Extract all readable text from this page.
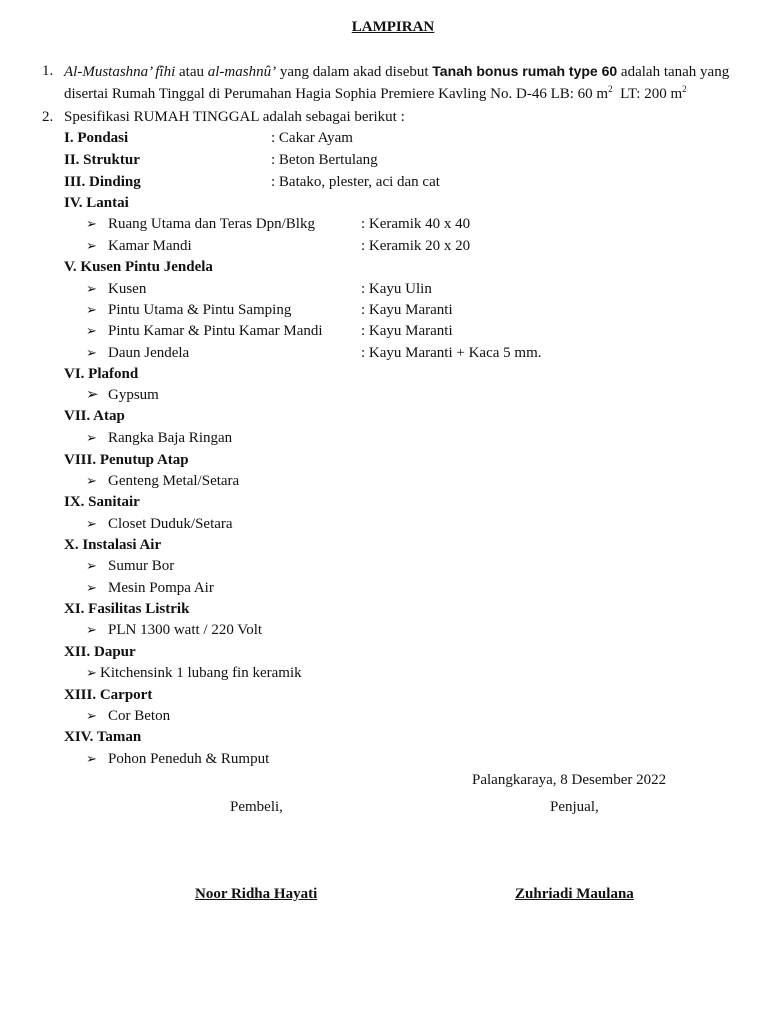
LAMPIRAN
1. Al-Mustashna’ fîhi atau al-mashnû’ yang dalam akad disebut Tanah bonus rumah type 60 adalah tanah yang
disertai Rumah Tinggal di Perumahan Hagia Sophia Premiere Kavling No. D-46 LB: 60 $m^2$ LT: 200 $m^2$
2. Spesifikasi RUMAH TINGGAL adalah sebagai berikut :
I. Pondasi	: Cakar Ayam
II. Struktur	: Beton Bertulang
III. Dinding	: Batako, plester, aci dan cat
IV. Lantai
➢ Ruang Utama dan Teras Dpn/Blkg	: Keramik 40 x 40
➢ Kamar Mandi	: Keramik 20 x 20
V. Kusen Pintu Jendela
➢ Kusen	: Kayu Ulin
➢ Pintu Utama & Pintu Samping	: Kayu Maranti
➢ Pintu Kamar & Pintu Kamar Mandi	: Kayu Maranti
➢ Daun Jendela	: Kayu Maranti + Kaca 5 mm.
VI. Plafond
➢ Gypsum
VII. Atap
➢ Rangka Baja Ringan
VIII. Penutup Atap
➢ Genteng Metal/Setara
IX. Sanitair
➢ Closet Duduk/Setara
X. Instalasi Air
➢ Sumur Bor
➢ Mesin Pompa Air
XI. Fasilitas Listrik
➢ PLN 1300 watt / 220 Volt
XII. Dapur
➢ Kitchensink 1 lubang fin keramik
XIII. Carport
➢ Cor Beton
XIV. Taman
➢ Pohon Peneduh & Rumput
Palangkaraya, 8 Desember 2022
Pembeli,	Penjual,
Noor Ridha Hayati	Zuhriadi Maulana
